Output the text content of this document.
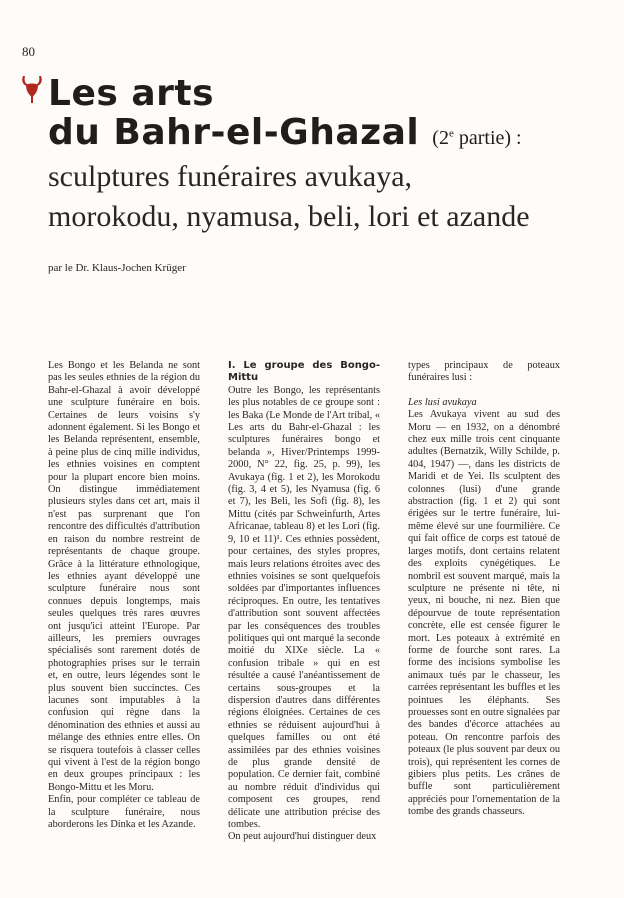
80
Les arts
du Bahr-el-Ghazal (2e partie) :
sculptures funéraires avukaya,
morokodu, nyamusa, beli, lori et azande
par le Dr. Klaus-Jochen Krüger

Les Bongo et les Belanda ne sont pas les seules ethnies de la région du Bahr-el-Ghazal à avoir développé une sculpture funéraire en bois. Certaines de leurs voisins s'y adonnent également. Si les Bongo et les Belanda représentent, ensemble, à peine plus de cinq mille individus, les ethnies voisines en comptent pour la plupart encore bien moins. On distingue immédiatement plusieurs styles dans cet art, mais il n'est pas surprenant que l'on rencontre des difficultés d'attribution en raison du nombre restreint de représentants de chaque groupe. Grâce à la littérature ethnologique, les ethnies ayant développé une sculpture funéraire nous sont connues depuis longtemps, mais seules quelques très rares œuvres ont jusqu'ici atteint l'Europe. Par ailleurs, les premiers ouvrages spécialisés sont rarement dotés de photographies prises sur le terrain et, en outre, leurs légendes sont le plus souvent bien succinctes. Ces lacunes sont imputables à la confusion qui règne dans la dénomination des ethnies et aussi au mélange des ethnies entre elles. On se risquera toutefois à classer celles qui vivent à l'est de la région bongo en deux groupes principaux : les Bongo-Mittu et les Moru.

Enfin, pour compléter ce tableau de la sculpture funéraire, nous aborderons les Dinka et les Azande.

I. Le groupe des Bongo-Mittu

Outre les Bongo, les représentants les plus notables de ce groupe sont : les Baka (Le Monde de l'Art tribal, « Les arts du Bahr-el-Ghazal : les sculptures funéraires bongo et belanda », Hiver/Printemps 1999-2000, N° 22, fig. 25, p. 99), les Avukaya (fig. 1 et 2), les Morokodu (fig. 3, 4 et 5), les Nyamusa (fig. 6 et 7), les Beli, les Sofi (fig. 8), les Mittu (cités par Schweinfurth, Artes Africanae, tableau 8) et les Lori (fig. 9, 10 et 11)¹. Ces ethnies possèdent, pour certaines, des styles propres, mais leurs relations étroites avec des ethnies voisines se sont quelquefois soldées par d'importantes influences réciproques. En outre, les tentatives d'attribution sont souvent affectées par les conséquences des troubles politiques qui ont marqué la seconde moitié du XIXe siècle. La « confusion tribale » qui en est résultée a causé l'anéantissement de certains sous-groupes et la dispersion d'autres dans différentes régions éloignées. Certaines de ces ethnies se réduisent aujourd'hui à quelques familles ou ont été assimilées par des ethnies voisines de plus grande densité de population. Ce dernier fait, combiné au nombre réduit d'individus qui composent ces groupes, rend délicate une attribution précise des tombes.

On peut aujourd'hui distinguer deux

types principaux de poteaux funéraires lusi :

Les lusi avukaya

Les Avukaya vivent au sud des Moru — en 1932, on a dénombré chez eux mille trois cent cinquante adultes (Bernatzik, Willy Schilde, p. 404, 1947) —, dans les districts de Maridi et de Yei. Ils sculptent des colonnes (lusi) d'une grande abstraction (fig. 1 et 2) qui sont érigées sur le tertre funéraire, lui-même élevé sur une fourmilière. Ce qui fait office de corps est tatoué de larges motifs, dont certains relatent des exploits cynégétiques. Le nombril est souvent marqué, mais la sculpture ne présente ni tête, ni yeux, ni bouche, ni nez. Bien que dépourvue de toute représentation concrète, elle est censée figurer le mort. Les poteaux à extrémité en forme de fourche sont rares. La forme des incisions symbolise les animaux tués par le chasseur, les carrées représentant les buffles et les pointues les éléphants. Ses prouesses sont en outre signalées par des bandes d'écorce attachées au poteau. On rencontre parfois des poteaux (le plus souvent par deux ou trois), qui représentent les cornes de gibiers plus petits. Les crânes de buffle sont particulièrement appréciés pour l'ornementation de la tombe des grands chasseurs.
